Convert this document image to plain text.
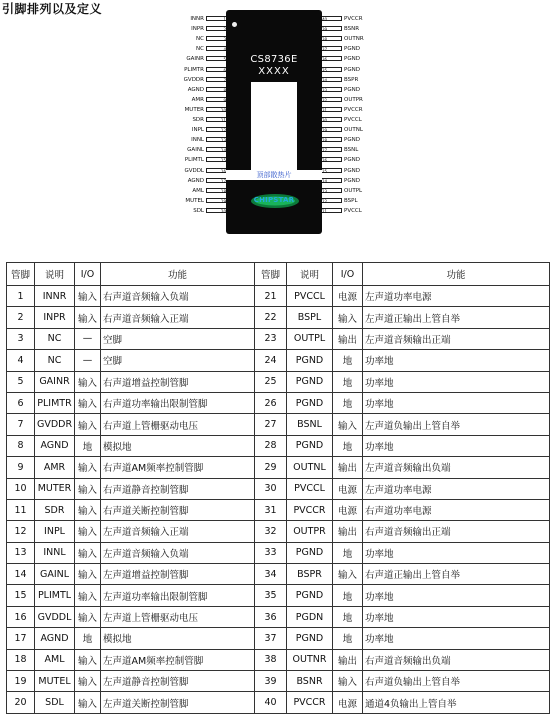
引脚排列以及定义
INNR	1
INPR	2
NC	3
NC	4
GAINR	5
PLIMTR	6
GVDDR	7
AGND	8
AMR	9
MUTER	10
SDR	11
INPL	12
INNL	13
GAINL	14
PLIMTL	15
GVDDL	16
AGND	17
AML	18
MUTEL	19
SDL	20
40	PVCCR
39	BSNR
38	OUTNR
37	PGND
36	PGND
35	PGND
34	BSPR
33	PGND
32	OUTPR
31	PVCCR
30	PVCCL
29	OUTNL
28	PGND
27	BSNL
26	PGND
25	PGND
24	PGND
23	OUTPL
22	BSPL
21	PVCCL
CS8736E
XXXX
顶部散热片
CHIPSTAR
管脚	说明	I/O	功能	管脚	说明	I/O	功能
1	INNR	输入	右声道音频输入负端	21	PVCCL	电源	左声道功率电源
2	INPR	输入	右声道音频输入正端	22	BSPL	输入	左声道正输出上管自举
3	NC	—	空脚	23	OUTPL	输出	左声道音频输出正端
4	NC	—	空脚	24	PGND	地	功率地
5	GAINR	输入	右声道增益控制管脚	25	PGND	地	功率地
6	PLIMTR	输入	右声道功率输出限制管脚	26	PGND	地	功率地
7	GVDDR	输入	右声道上管栅驱动电压	27	BSNL	输入	左声道负输出上管自举
8	AGND	地	模拟地	28	PGND	地	功率地
9	AMR	输入	右声道AM频率控制管脚	29	OUTNL	输出	左声道音频输出负端
10	MUTER	输入	右声道静音控制管脚	30	PVCCL	电源	左声道功率电源
11	SDR	输入	右声道关断控制管脚	31	PVCCR	电源	右声道功率电源
12	INPL	输入	左声道音频输入正端	32	OUTPR	输出	右声道音频输出正端
13	INNL	输入	左声道音频输入负端	33	PGND	地	功率地
14	GAINL	输入	左声道增益控制管脚	34	BSPR	输入	右声道正输出上管自举
15	PLIMTL	输入	左声道功率输出限制管脚	35	PGND	地	功率地
16	GVDDL	输入	左声道上管栅驱动电压	36	PGDN	地	功率地
17	AGND	地	模拟地	37	PGND	地	功率地
18	AML	输入	左声道AM频率控制管脚	38	OUTNR	输出	右声道音频输出负端
19	MUTEL	输入	左声道静音控制管脚	39	BSNR	输入	右声道负输出上管自举
20	SDL	输入	左声道关断控制管脚	40	PVCCR	电源	通道4负输出上管自举
